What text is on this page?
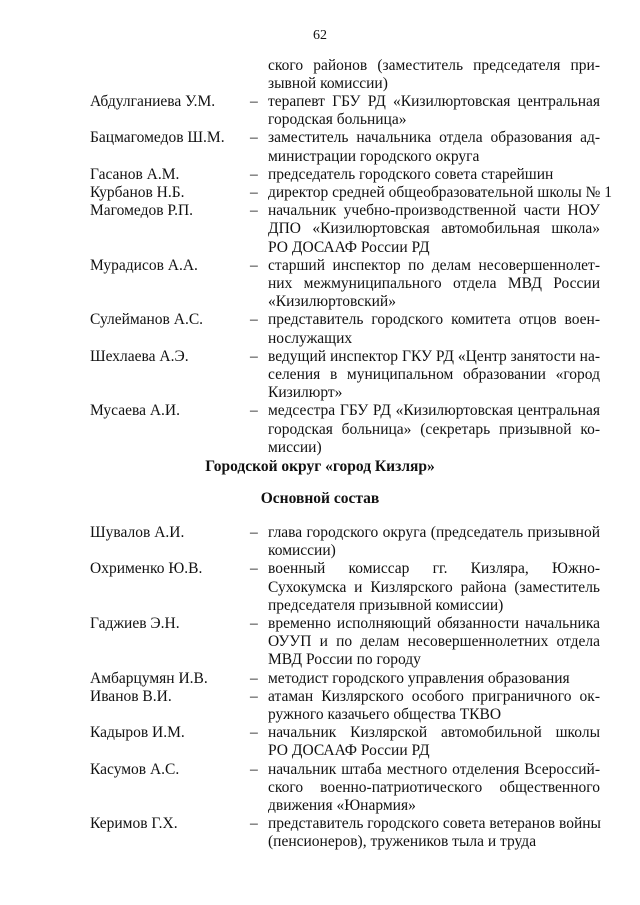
62
ского районов (заместитель председателя при-
зывной комиссии)
Абдулганиева У.М. – терапевт ГБУ РД «Кизилюртовская центральная
городская больница»
Бацмагомедов Ш.М. – заместитель начальника отдела образования ад-
министрации городского округа
Гасанов А.М.	– председатель городского совета старейшин
Курбанов Н.Б.	– директор средней общеобразовательной школы № 1
Магомедов Р.П.	– начальник учебно-производственной части НОУ
ДПО «Кизилюртовская автомобильная школа»
РО ДОСААФ России РД
Мурадисов А.А.	– старший инспектор по делам несовершеннолет-
них межмуниципального отдела МВД России
«Кизилюртовский»
Сулейманов А.С.	– представитель городского комитета отцов воен-
нослужащих
Шехлаева А.Э.	– ведущий инспектор ГКУ РД «Центр занятости на-
селения в муниципальном образовании «город
Кизилюрт»
Мусаева А.И.	– медсестра ГБУ РД «Кизилюртовская центральная
городская больница» (секретарь призывной ко-
миссии)
Шувалов А.И.	– глава городского округа (председатель призывной
комиссии)
Охрименко Ю.В.	– военный комиссар гг. Кизляра, Южно-
Сухокумска и Кизлярского района (заместитель
председателя призывной комиссии)
Гаджиев Э.Н.	– временно исполняющий обязанности начальника
ОУУП и по делам несовершеннолетних отдела
МВД России по городу
Амбарцумян И.В.	– методист городского управления образования
Иванов В.И.	– атаман Кизлярского особого приграничного ок-
ружного казачьего общества ТКВО
Кадыров И.М.	– начальник Кизлярской автомобильной школы
РО ДОСААФ России РД
Касумов А.С.	– начальник штаба местного отделения Всероссий-
ского военно-патриотического общественного
движения «Юнармия»
Керимов Г.Х.	– представитель городского совета ветеранов войны
(пенсионеров), тружеников тыла и труда
Городской округ «город Кизляр»
Основной состав
